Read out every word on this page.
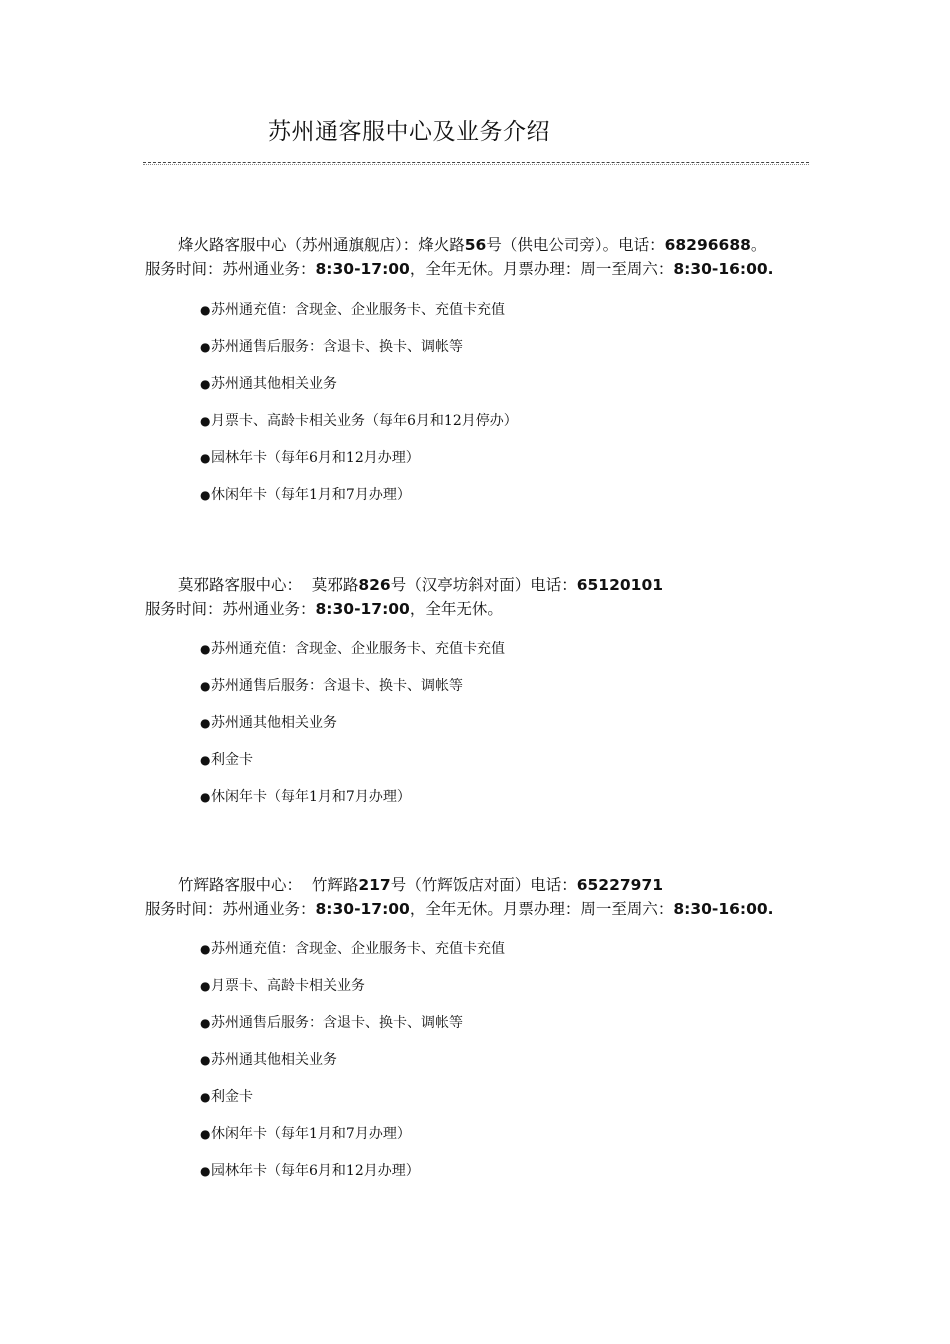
苏州通客服中心及业务介绍
烽火路客服中心（苏州通旗舰店）：烽火路56号（供电公司旁）。电话：68296688。
服务时间：苏州通业务：8:30-17:00，全年无休。月票办理：周一至周六：8:30-16:00.
●苏州通充值：含现金、企业服务卡、充值卡充值
●苏州通售后服务：含退卡、换卡、调帐等
●苏州通其他相关业务
●月票卡、高龄卡相关业务（每年6月和12月停办）
●园林年卡（每年6月和12月办理）
●休闲年卡（每年1月和7月办理）
莫邪路客服中心：  莫邪路826号（汉亭坊斜对面）电话：65120101
服务时间：苏州通业务：8:30-17:00，全年无休。
●苏州通充值：含现金、企业服务卡、充值卡充值
●苏州通售后服务：含退卡、换卡、调帐等
●苏州通其他相关业务
●利金卡
●休闲年卡（每年1月和7月办理）
竹辉路客服中心：  竹辉路217号（竹辉饭店对面）电话：65227971
服务时间：苏州通业务：8:30-17:00，全年无休。月票办理：周一至周六：8:30-16:00.
●苏州通充值：含现金、企业服务卡、充值卡充值
●月票卡、高龄卡相关业务
●苏州通售后服务：含退卡、换卡、调帐等
●苏州通其他相关业务
●利金卡
●休闲年卡（每年1月和7月办理）
●园林年卡（每年6月和12月办理）
